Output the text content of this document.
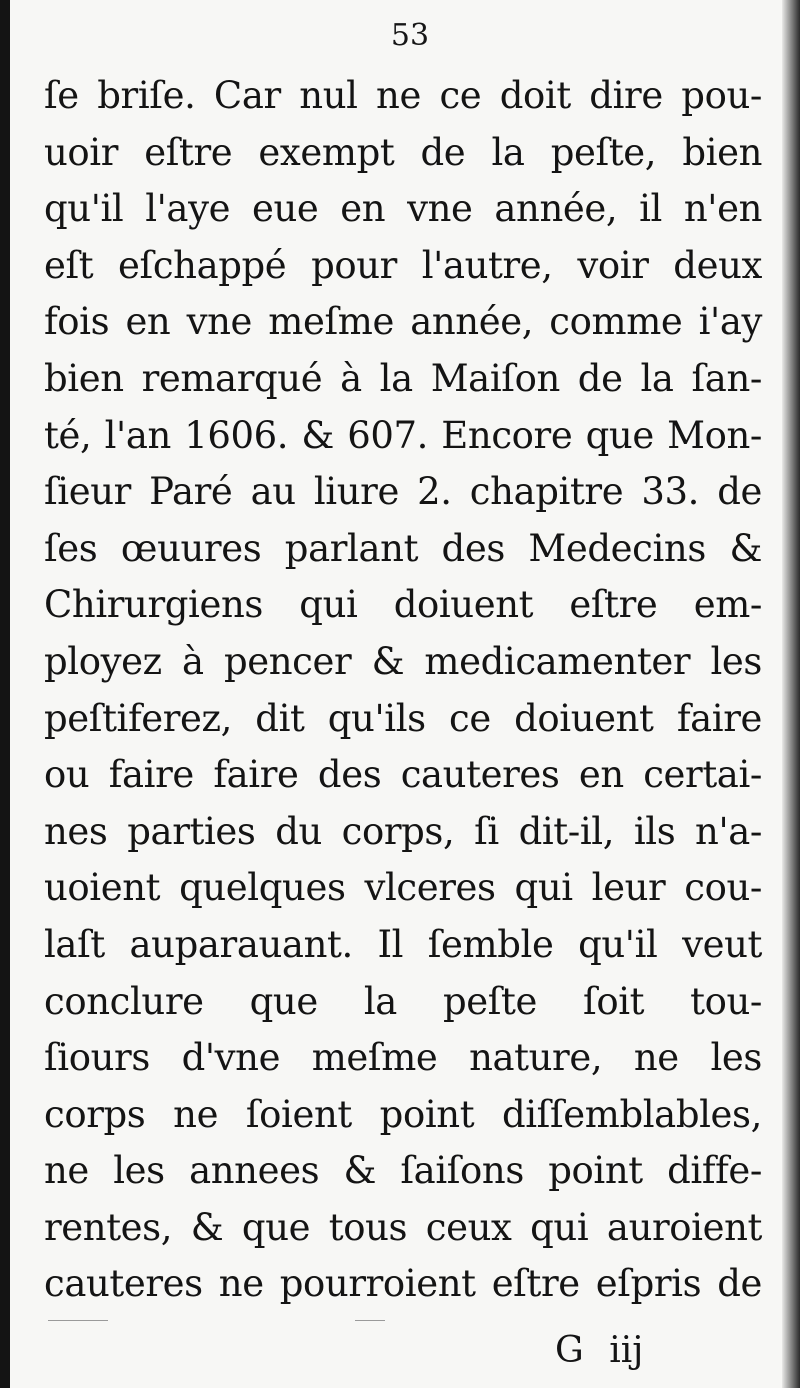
53
ſe briſe. Car nul ne ce doit dire pou-
uoir eſtre exempt de la peſte, bien
qu'il l'aye eue en vne année, il n'en
eſt eſchappé pour l'autre, voir deux
fois en vne meſme année, comme i'ay
bien remarqué à la Maiſon de la ſan-
té, l'an 1606. & 607. Encore que Mon-
ſieur Paré au liure 2. chapitre 33. de
ſes œuures parlant des Medecins &
Chirurgiens qui doiuent eſtre em-
ployez à pencer & medicamenter les
peſtiferez, dit qu'ils ce doiuent faire
ou faire faire des cauteres en certai-
nes parties du corps, ſi dit-il, ils n'a-
uoient quelques vlceres qui leur cou-
laſt auparauant. Il ſemble qu'il veut
conclure que la peſte ſoit tou-
ſiours d'vne meſme nature, ne les
corps ne ſoient point diſſemblables,
ne les annees & ſaiſons point diffe-
rentes, & que tous ceux qui auroient
cauteres ne pourroient eſtre eſpris de
G iij
